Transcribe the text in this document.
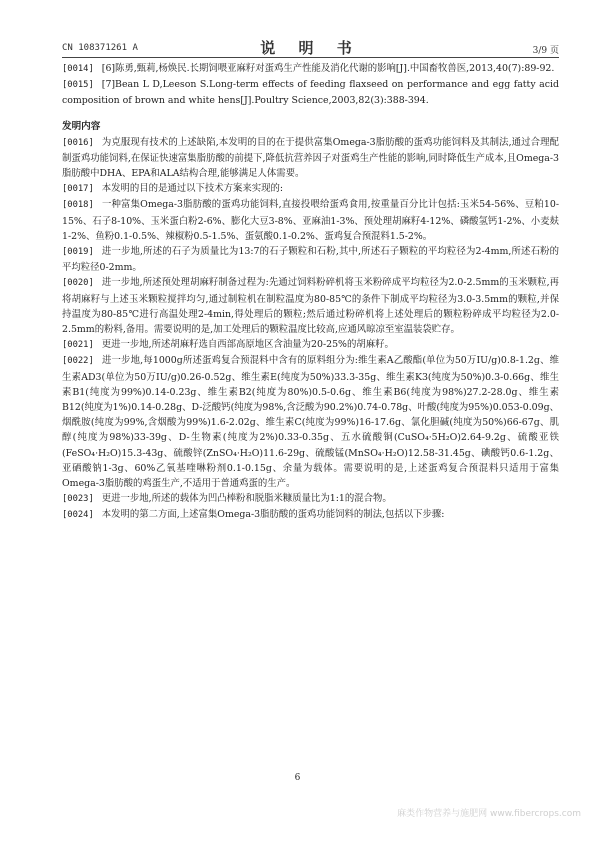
CN 108371261 A	说 明 书	3/9 页

[0014] [6]陈勇,甄莉,杨焕民.长期饲喂亚麻籽对蛋鸡生产性能及消化代谢的影响[J].中国畜牧兽医,2013,40(7):89-92.

[0015] [7]Bean L D,Leeson S.Long-term effects of feeding flaxseed on performance and egg fatty acid composition of brown and white hens[J].Poultry Science,2003,82(3):388-394.

发明内容

[0016] 为克服现有技术的上述缺陷,本发明的目的在于提供富集Omega-3脂肪酸的蛋鸡功能饲料及其制法,通过合理配制蛋鸡功能饲料,在保证快速富集脂肪酸的前提下,降低抗营养因子对蛋鸡生产性能的影响,同时降低生产成本,且Omega-3脂肪酸中DHA、EPA和ALA结构合理,能够满足人体需要。

[0017] 本发明的目的是通过以下技术方案来实现的:

[0018] 一种富集Omega-3脂肪酸的蛋鸡功能饲料,直接投喂给蛋鸡食用,按重量百分比计包括:玉米54-56%、豆粕10-15%、石子8-10%、玉米蛋白粉2-6%、膨化大豆3-8%、亚麻油1-3%、预处理胡麻籽4-12%、磷酸氢钙1-2%、小麦麸1-2%、鱼粉0.1-0.5%、辣椒粉0.5-1.5%、蛋氨酸0.1-0.2%、蛋鸡复合预混料1.5-2%。

[0019] 进一步地,所述的石子为质量比为13:7的石子颗粒和石粉,其中,所述石子颗粒的平均粒径为2-4mm,所述石粉的平均粒径0-2mm。

[0020] 进一步地,所述预处理胡麻籽制备过程为:先通过饲料粉碎机将玉米粉碎成平均粒径为2.0-2.5mm的玉米颗粒,再将胡麻籽与上述玉米颗粒搅拌均匀,通过制粒机在制粒温度为80-85℃的条件下制成平均粒径为3.0-3.5mm的颗粒,并保持温度为80-85℃进行高温处理2-4min,得处理后的颗粒;然后通过粉碎机将上述处理后的颗粒粉碎成平均粒径为2.0-2.5mm的粉料,备用。需要说明的是,加工处理后的颗粒温度比较高,应通风晾凉至室温装袋贮存。

[0021] 更进一步地,所述胡麻籽选自西部高原地区含油量为20-25%的胡麻籽。

[0022] 进一步地,每1000g所述蛋鸡复合预混料中含有的原料组分为:维生素A乙酸酯(单位为50万IU/g)0.8-1.2g、维生素AD3(单位为50万IU/g)0.26-0.52g、维生素E(纯度为50%)33.3-35g、维生素K3(纯度为50%)0.3-0.66g、维生素B1(纯度为99%)0.14-0.23g、维生素B2(纯度为80%)0.5-0.6g、维生素B6(纯度为98%)27.2-28.0g、维生素B12(纯度为1%)0.14-0.28g、D-泛酸钙(纯度为98%,含泛酸为90.2%)0.74-0.78g、叶酸(纯度为95%)0.053-0.09g、烟酰胺(纯度为99%,含烟酸为99%)1.6-2.02g、维生素C(纯度为99%)16-17.6g、氯化胆碱(纯度为50%)66-67g、肌醇(纯度为98%)33-39g、D-生物素(纯度为2%)0.33-0.35g、五水硫酸铜(CuSO₄·5H₂O)2.64-9.2g、硫酸亚铁(FeSO₄·H₂O)15.3-43g、硫酸锌(ZnSO₄·H₂O)11.6-29g、硫酸锰(MnSO₄·H₂O)12.58-31.45g、碘酸钙0.6-1.2g、亚硒酸钠1-3g、60%乙氧基喹啉粉剂0.1-0.15g、余量为载体。需要说明的是,上述蛋鸡复合预混料只适用于富集Omega-3脂肪酸的鸡蛋生产,不适用于普通鸡蛋的生产。

[0023] 更进一步地,所述的载体为凹凸棒粉和脱脂米糠质量比为1:1的混合物。

[0024] 本发明的第二方面,上述富集Omega-3脂肪酸的蛋鸡功能饲料的制法,包括以下步骤:

6
麻类作物营养与施肥网 www.fibercrops.com
